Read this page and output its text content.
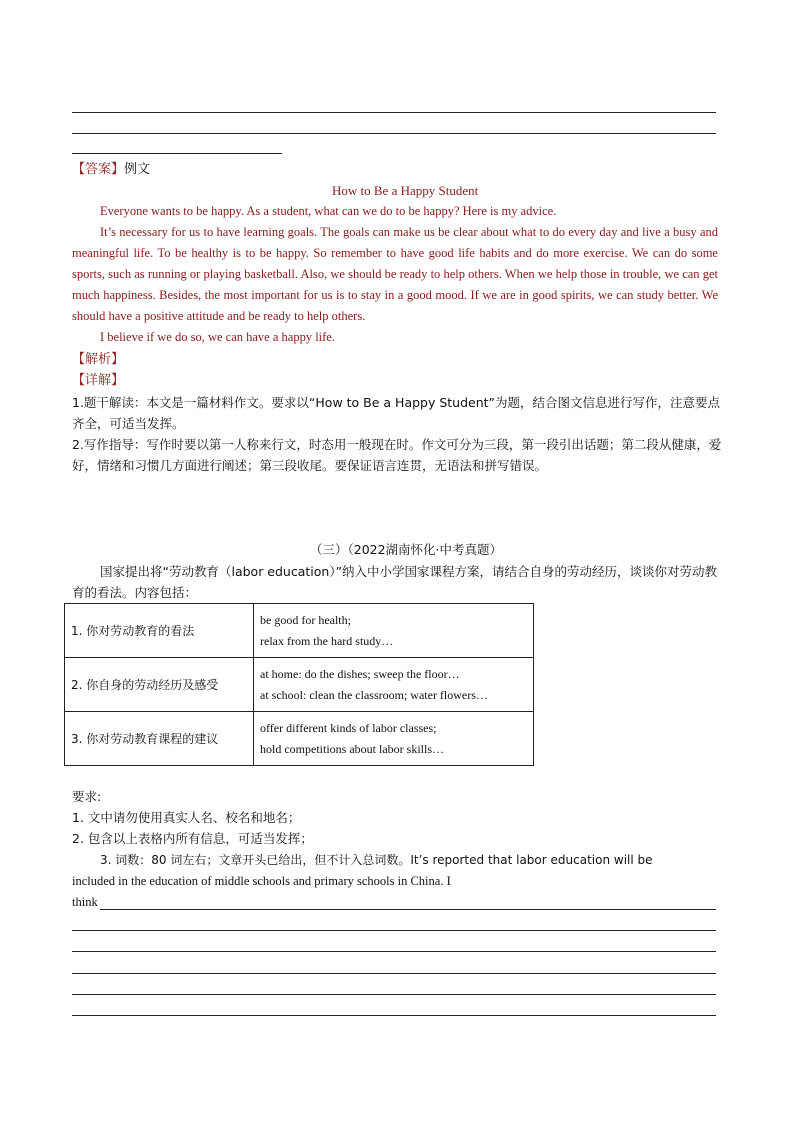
【答案】例文
How to Be a Happy Student

Everyone wants to be happy. As a student, what can we do to be happy? Here is my advice.

It’s necessary for us to have learning goals. The goals can make us be clear about what to do every day and live a busy and meaningful life. To be healthy is to be happy. So remember to have good life habits and do more exercise. We can do some sports, such as running or playing basketball. Also, we should be ready to help others. When we help those in trouble, we can get much happiness. Besides, the most important for us is to stay in a good mood. If we are in good spirits, we can study better. We should have a positive attitude and be ready to help others.

I believe if we do so, we can have a happy life.

【解析】
【详解】

1.题干解读：本文是一篇材料作文。要求以“How to Be a Happy Student”为题，结合图文信息进行写作，注意要点齐全，可适当发挥。

2.写作指导：写作时要以第一人称来行文，时态用一般现在时。作文可分为三段，第一段引出话题；第二段从健康，爱好，情绪和习惯几方面进行阐述；第三段收尾。要保证语言连贯，无语法和拼写错误。

（三）（2022湖南怀化·中考真题）

国家提出将“劳动教育（labor education）”纳入中小学国家课程方案，请结合自身的劳动经历，谈谈你对劳动教育的看法。内容包括：

1. 你对劳动教育的看法	be good for health;
relax from the hard study…

2. 你自身的劳动经历及感受	at home: do the dishes; sweep the floor…
at school: clean the classroom; water flowers…

3. 你对劳动教育课程的建议	offer different kinds of labor classes;
hold competitions about labor skills…
要求:
1. 文中请勿使用真实人名、校名和地名；
2. 包含以上表格内所有信息，可适当发挥；
3. 词数：80 词左右；文章开头已给出，但不计入总词数。It’s reported that labor education will be
included in the education of middle schools and primary schools in China. I
think
